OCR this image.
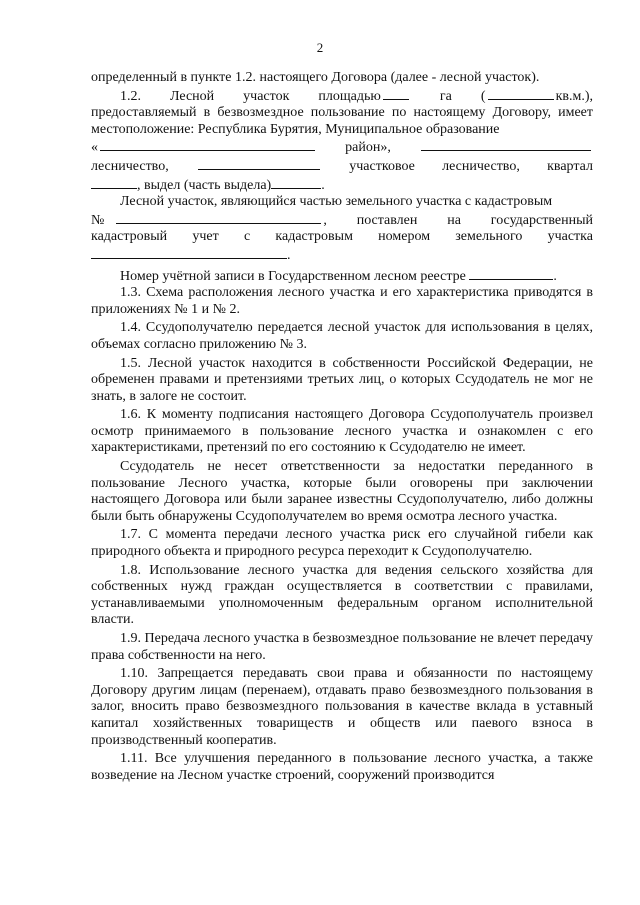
2

определенный в пункте 1.2. настоящего Договора (далее - лесной участок).

1.2.	Лесной	участок	площадью	га	(	кв.м.),

предоставляемый в безвозмездное пользование по настоящему Договору, имеет местоположение: Республика Бурятия, Муниципальное образование

«	район»,
лесничество,	участковое лесничество, квартал

, выдел (часть выдела)	.

Лесной участок, являющийся частью земельного участка с кадастровым

№	, поставлен на государственный
кадастровый учет с кадастровым номером земельного участка

.

Номер учётной записи в Государственном лесном реестре	.

1.3. Схема расположения лесного участка и его характеристика приводятся в приложениях № 1 и № 2.

1.4. Ссудополучателю передается лесной участок для использования в целях, объемах согласно приложению № 3.

1.5. Лесной участок находится в собственности Российской Федерации, не обременен правами и претензиями третьих лиц, о которых Ссудодатель не мог не знать, в залоге не состоит.

1.6. К моменту подписания настоящего Договора Ссудополучатель произвел осмотр принимаемого в пользование лесного участка и ознакомлен с его характеристиками, претензий по его состоянию к Ссудодателю не имеет.

Ссудодатель не несет ответственности за недостатки переданного в пользование Лесного участка, которые были оговорены при заключении настоящего Договора или были заранее известны Ссудополучателю, либо должны были быть обнаружены Ссудополучателем во время осмотра лесного участка.

1.7. С момента передачи лесного участка риск его случайной гибели как природного объекта и природного ресурса переходит к Ссудополучателю.

1.8. Использование лесного участка для ведения сельского хозяйства для собственных нужд граждан осуществляется в соответствии с правилами, устанавливаемыми уполномоченным федеральным органом исполнительной власти.

1.9. Передача лесного участка в безвозмездное пользование не влечет передачу права собственности на него.

1.10. Запрещается передавать свои права и обязанности по настоящему Договору другим лицам (перенаем), отдавать право безвозмездного пользования в залог, вносить право безвозмездного пользования в качестве вклада в уставный капитал хозяйственных товариществ и обществ или паевого взноса в производственный кооператив.

1.11. Все улучшения переданного в пользование лесного участка, а также возведение на Лесном участке строений, сооружений производится
